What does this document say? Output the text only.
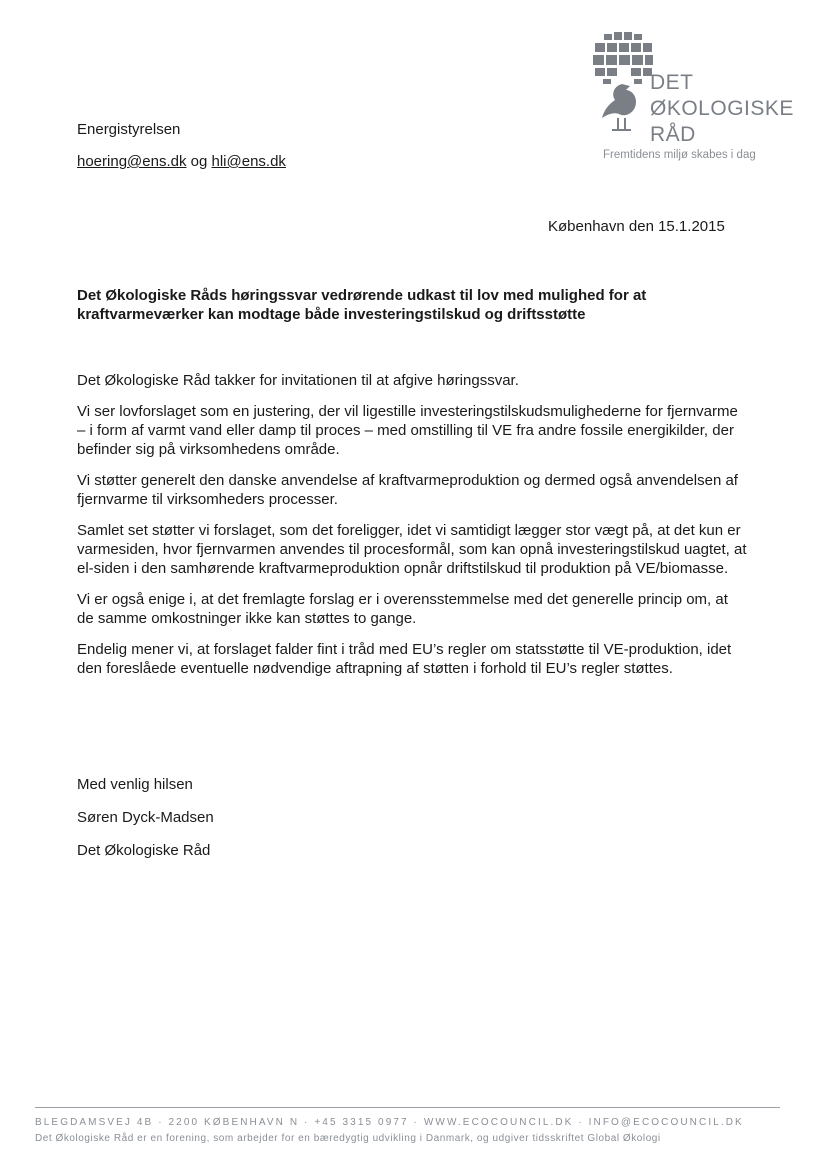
Energistyrelsen
hoering@ens.dk og hli@ens.dk
DET
ØKOLOGISKE
RÅD
Fremtidens miljø skabes i dag
København den 15.1.2015
Det Økologiske Råds høringssvar vedrørende udkast til lov med mulighed for at kraftvarmeværker kan modtage både investeringstilskud og driftsstøtte

Det Økologiske Råd takker for invitationen til at afgive høringssvar.

Vi ser lovforslaget som en justering, der vil ligestille investeringstilskudsmulighederne for fjernvarme – i form af varmt vand eller damp til proces – med omstilling til VE fra andre fossile energikilder, der befinder sig på virksomhedens område.

Vi støtter generelt den danske anvendelse af kraftvarmeproduktion og dermed også anvendelsen af fjernvarme til virksomheders processer.

Samlet set støtter vi forslaget, som det foreligger, idet vi samtidigt lægger stor vægt på, at det kun er varmesiden, hvor fjernvarmen anvendes til procesformål, som kan opnå investeringstilskud uagtet, at el-siden i den samhørende kraftvarmeproduktion opnår driftstilskud til produktion på VE/biomasse.

Vi er også enige i, at det fremlagte forslag er i overensstemmelse med det generelle princip om, at de samme omkostninger ikke kan støttes to gange.

Endelig mener vi, at forslaget falder fint i tråd med EU’s regler om statsstøtte til VE-produktion, idet den foreslåede eventuelle nødvendige aftrapning af støtten i forhold til EU’s regler støttes.

Med venlig hilsen
Søren Dyck-Madsen
Det Økologiske Råd
BLEGDAMSVEJ 4B · 2200 KØBENHAVN N · +45 3315 0977 · WWW.ECOCOUNCIL.DK · INFO@ECOCOUNCIL.DK
Det Økologiske Råd er en forening, som arbejder for en bæredygtig udvikling i Danmark, og udgiver tidsskriftet Global Økologi
